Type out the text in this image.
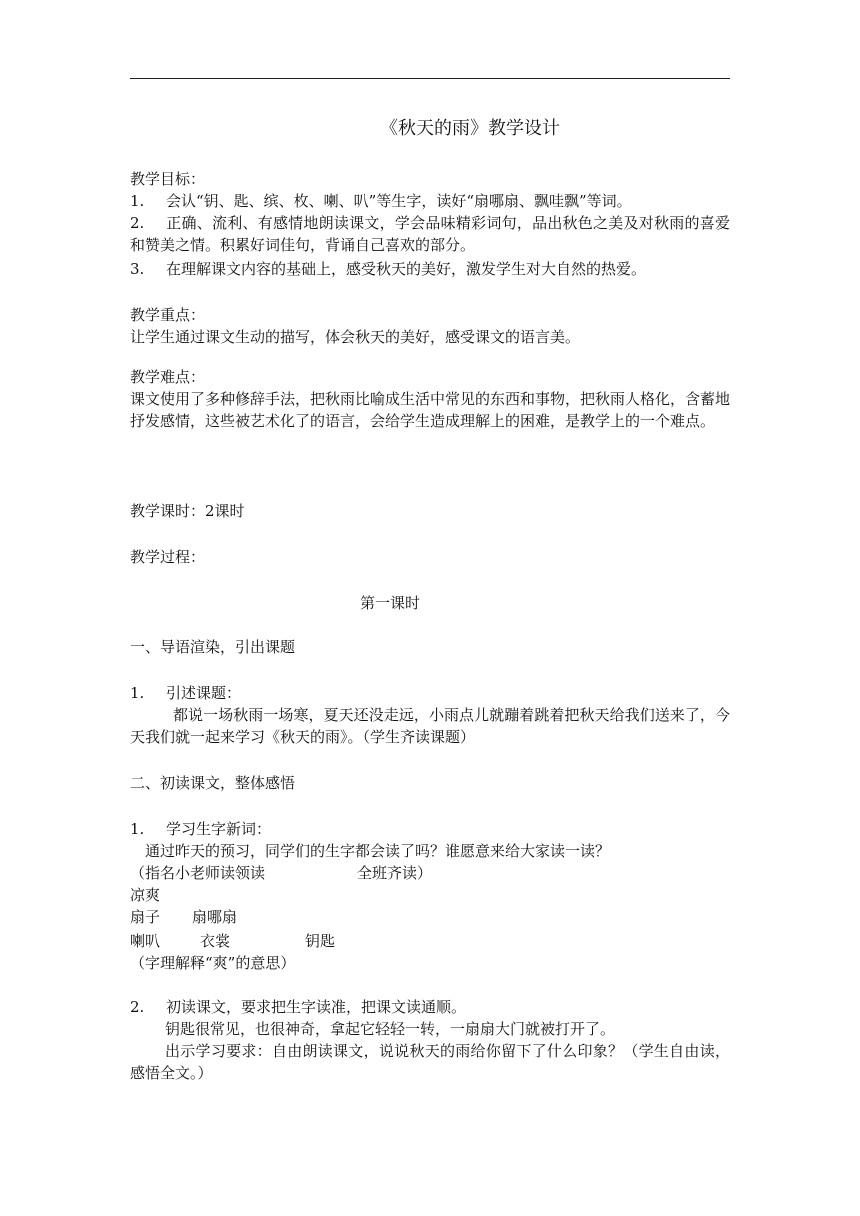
《秋天的雨》教学设计
教学目标：
1. 会认“钥、匙、缤、枚、喇、叭”等生字，读好“扇哪扇、飘哇飘”等词。
2. 正确、流利、有感情地朗读课文，学会品味精彩词句，品出秋色之美及对秋雨的喜爱和赞美之情。积累好词佳句，背诵自己喜欢的部分。
3. 在理解课文内容的基础上，感受秋天的美好，激发学生对大自然的热爱。
教学重点：
让学生通过课文生动的描写，体会秋天的美好，感受课文的语言美。
教学难点：
课文使用了多种修辞手法，把秋雨比喻成生活中常见的东西和事物，把秋雨人格化，含蓄地抒发感情，这些被艺术化了的语言，会给学生造成理解上的困难，是教学上的一个难点。
教学课时：2课时
教学过程：
第一课时
一、导语渲染，引出课题
1. 引述课题：
都说一场秋雨一场寒，夏天还没走远，小雨点儿就蹦着跳着把秋天给我们送来了，今天我们就一起来学习《秋天的雨》。（学生齐读课题）
二、初读课文，整体感悟
1. 学习生字新词：
通过昨天的预习，同学们的生字都会读了吗？谁愿意来给大家读一读？
（指名小老师读领读	全班齐读）
凉爽
扇子 扇哪扇
喇叭	衣裳	钥匙
（字理解释“爽”的意思）
2. 初读课文，要求把生字读准，把课文读通顺。
钥匙很常见，也很神奇，拿起它轻轻一转，一扇扇大门就被打开了。
出示学习要求：自由朗读课文，说说秋天的雨给你留下了什么印象？（学生自由读，感悟全文。）
